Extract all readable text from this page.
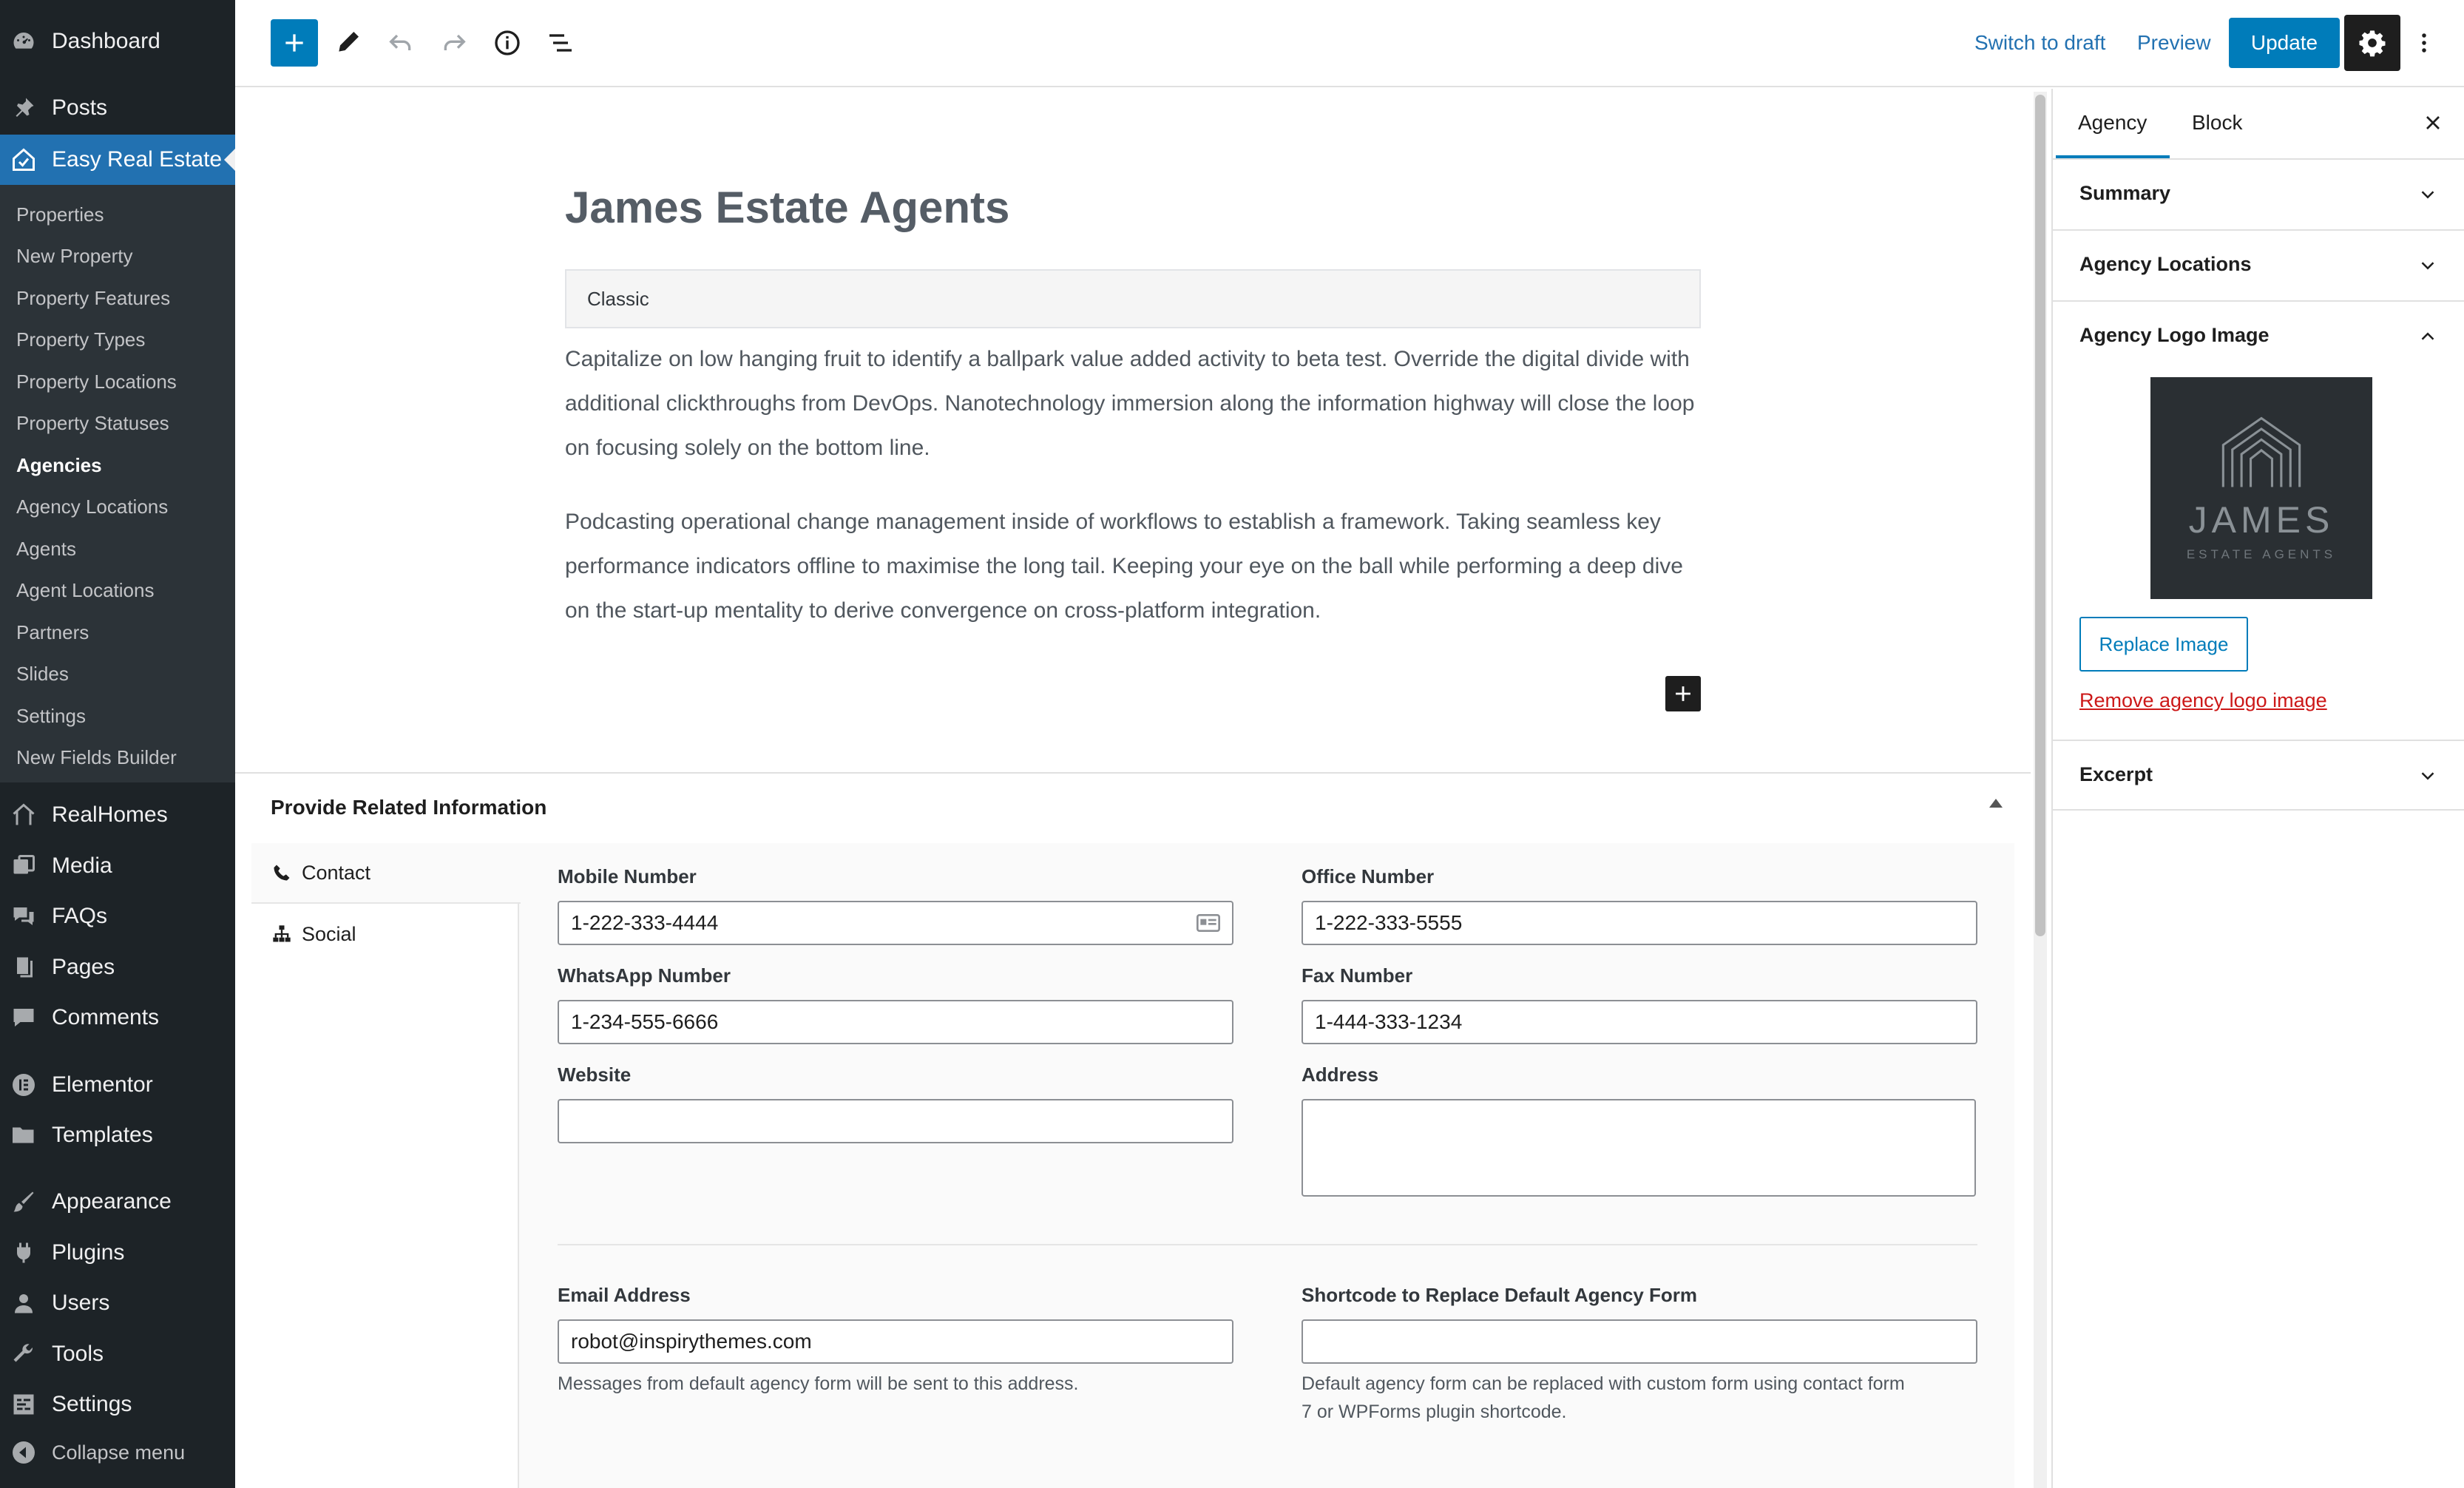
Dashboard
Posts
Easy Real Estate
Properties
New Property
Property Features
Property Types
Property Locations
Property Statuses
Agencies
Agency Locations
Agents
Agent Locations
Partners
Slides
Settings
New Fields Builder
RealHomes
Media
FAQs
Pages
Comments
Elementor
Templates
Appearance
Plugins
Users
Tools
Settings
Collapse menu
Switch to draft Preview	Update
James Estate Agents
Classic
Capitalize on low hanging fruit to identify a ballpark value added activity to beta test. Override the digital divide with additional clickthroughs from DevOps. Nanotechnology immersion along the information highway will close the loop on focusing solely on the bottom line.
Podcasting operational change management inside of workflows to establish a framework. Taking seamless key performance indicators offline to maximise the long tail. Keeping your eye on the ball while performing a deep dive on the start-up mentality to derive convergence on cross-platform integration.
Provide Related Information
Contact
Social
Mobile Number
1-222-333-4444
Office Number
1-222-333-5555
WhatsApp Number
1-234-555-6666
Fax Number
1-444-333-1234
Website	Address
Email Address
robot@inspirythemes.com
Messages from default agency form will be sent to this address.
Shortcode to Replace Default Agency Form
Default agency form can be replaced with custom form using contact form
7 or WPForms plugin shortcode.
Agency Block
Summary
Agency Locations
Agency Logo Image
JAMES
ESTATE AGENTS
Replace Image
Remove agency logo image
Excerpt
